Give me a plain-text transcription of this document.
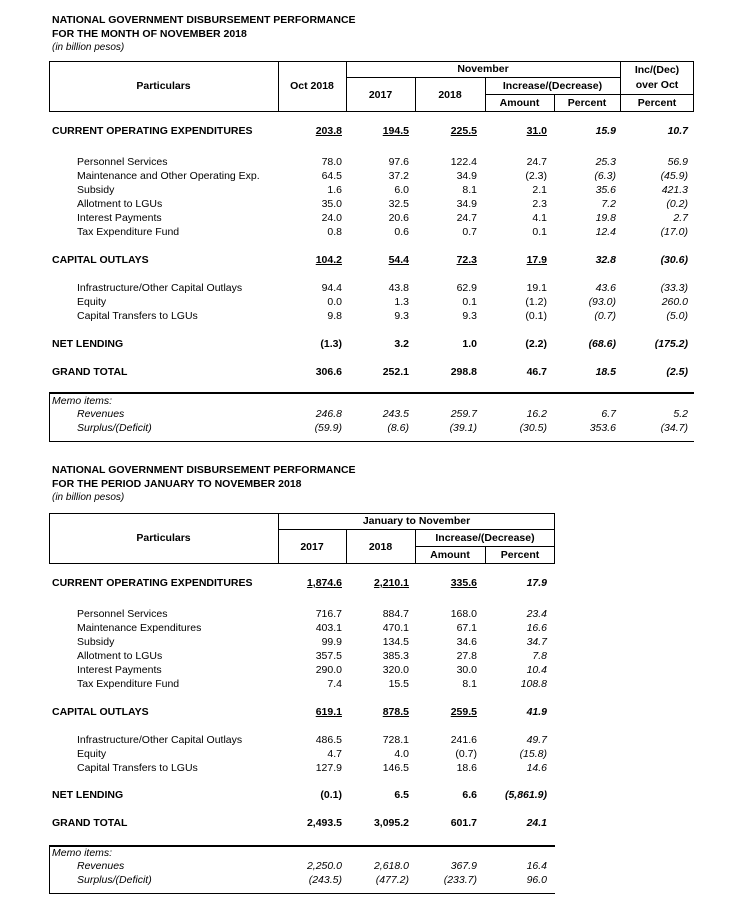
NATIONAL GOVERNMENT DISBURSEMENT PERFORMANCE
FOR THE MONTH OF NOVEMBER 2018
(in billion pesos)
Particulars	Oct 2018
November
2017	2018
Increase/(Decrease)
Amount	Percent
Inc/(Dec)
over Oct
Percent
CURRENT OPERATING EXPENDITURES	203.8	194.5	225.5	31.0	15.9	10.7
Personnel Services	78.0	97.6	122.4	24.7	25.3	56.9
Maintenance and Other Operating Exp.	64.5	37.2	34.9	(2.3)	(6.3)	(45.9)
Subsidy	1.6	6.0	8.1	2.1	35.6	421.3
Allotment to LGUs	35.0	32.5	34.9	2.3	7.2	(0.2)
Interest Payments	24.0	20.6	24.7	4.1	19.8	2.7
Tax Expenditure Fund	0.8	0.6	0.7	0.1	12.4	(17.0)
CAPITAL OUTLAYS	104.2	54.4	72.3	17.9	32.8	(30.6)
Infrastructure/Other Capital Outlays	94.4	43.8	62.9	19.1	43.6	(33.3)
Equity	0.0	1.3	0.1	(1.2)	(93.0)	260.0
Capital Transfers to LGUs	9.8	9.3	9.3	(0.1)	(0.7)	(5.0)
NET LENDING	(1.3)	3.2	1.0	(2.2)	(68.6)	(175.2)
GRAND TOTAL	306.6	252.1	298.8	46.7	18.5	(2.5)
Memo items:
Revenues	246.8	243.5	259.7	16.2	6.7	5.2
Surplus/(Deficit)	(59.9)	(8.6)	(39.1)	(30.5)	353.6	(34.7)
NATIONAL GOVERNMENT DISBURSEMENT PERFORMANCE
FOR THE PERIOD JANUARY TO NOVEMBER 2018
(in billion pesos)
Particulars
January to November
2017	2018
Increase/(Decrease)
Amount	Percent
CURRENT OPERATING EXPENDITURES	1,874.6	2,210.1	335.6	17.9
Personnel Services	716.7	884.7	168.0	23.4
Maintenance Expenditures	403.1	470.1	67.1	16.6
Subsidy	99.9	134.5	34.6	34.7
Allotment to LGUs	357.5	385.3	27.8	7.8
Interest Payments	290.0	320.0	30.0	10.4
Tax Expenditure Fund	7.4	15.5	8.1	108.8
CAPITAL OUTLAYS	619.1	878.5	259.5	41.9
Infrastructure/Other Capital Outlays	486.5	728.1	241.6	49.7
Equity	4.7	4.0	(0.7)	(15.8)
Capital Transfers to LGUs	127.9	146.5	18.6	14.6
NET LENDING	(0.1)	6.5	6.6	(5,861.9)
GRAND TOTAL	2,493.5	3,095.2	601.7	24.1
Memo items:
Revenues	2,250.0	2,618.0	367.9	16.4
Surplus/(Deficit)	(243.5)	(477.2)	(233.7)	96.0
